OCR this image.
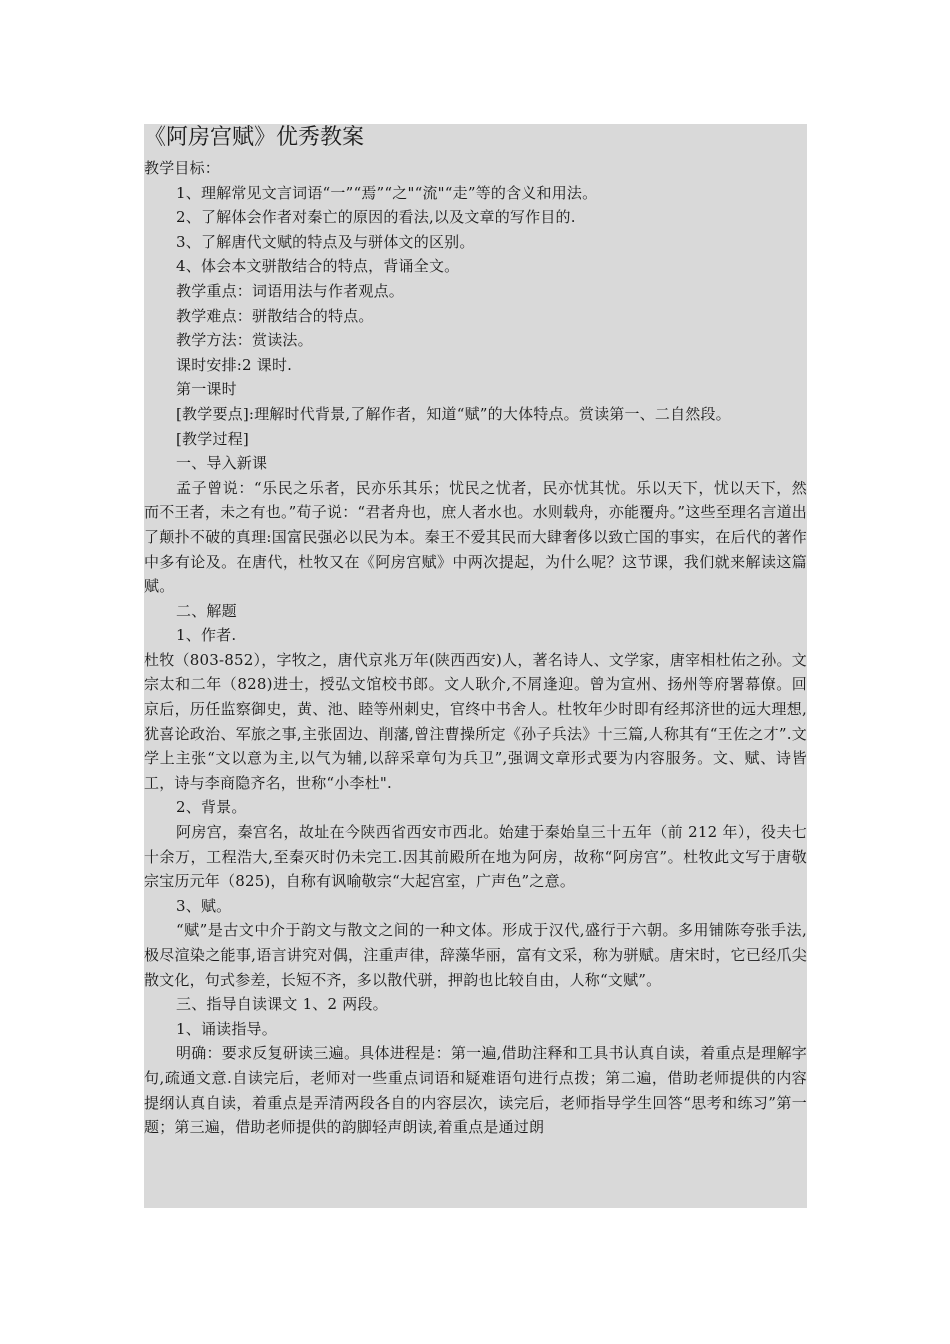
《阿房宫赋》优秀教案

教学目标：

1、理解常见文言词语“一”“焉”“之"“流"“走”等的含义和用法。

2、了解体会作者对秦亡的原因的看法,以及文章的写作目的.

3、了解唐代文赋的特点及与骈体文的区别。

4、体会本文骈散结合的特点，背诵全文。

教学重点：词语用法与作者观点。

教学难点：骈散结合的特点。

教学方法：赏读法。

课时安排:2 课时.

第一课时

[教学要点]:理解时代背景,了解作者，知道“赋”的大体特点。赏读第一、二自然段。

[教学过程]

一、导入新课

孟子曾说：“乐民之乐者，民亦乐其乐；忧民之忧者，民亦忧其忧。乐以天下，忧以天下，然而不王者，未之有也。”荀子说：“君者舟也，庶人者水也。水则载舟，亦能覆舟。”这些至理名言道出了颠扑不破的真理:国富民强必以民为本。秦王不爱其民而大肆奢侈以致亡国的事实，在后代的著作中多有论及。在唐代，杜牧又在《阿房宫赋》中两次提起，为什么呢？这节课，我们就来解读这篇赋。

二、解题

1、作者.

杜牧（803-852），字牧之，唐代京兆万年(陕西西安)人，著名诗人、文学家，唐宰相杜佑之孙。文宗太和二年（828)进士，授弘文馆校书郎。文人耿介,不屑逢迎。曾为宣州、扬州等府署幕僚。回京后，历任监察御史，黄、池、睦等州刺史，官终中书舍人。杜牧年少时即有经邦济世的远大理想,犹喜论政治、军旅之事,主张固边、削藩,曾注曹操所定《孙子兵法》十三篇,人称其有“王佐之才”.文学上主张“文以意为主,以气为辅,以辞采章句为兵卫”,强调文章形式要为内容服务。文、赋、诗皆工，诗与李商隐齐名，世称“小李杜".

2、背景。

阿房宫，秦宫名，故址在今陕西省西安市西北。始建于秦始皇三十五年（前 212 年），役夫七十余万，工程浩大,至秦灭时仍未完工.因其前殿所在地为阿房，故称“阿房宫”。杜牧此文写于唐敬宗宝历元年（825)，自称有讽喻敬宗“大起宫室，广声色”之意。

3、赋。

“赋”是古文中介于韵文与散文之间的一种文体。形成于汉代,盛行于六朝。多用铺陈夸张手法,极尽渲染之能事,语言讲究对偶，注重声律，辞藻华丽，富有文采，称为骈赋。唐宋时，它已经爪尖散文化，句式参差，长短不齐，多以散代骈，押韵也比较自由，人称“文赋”。

三、指导自读课文 1、2 两段。

1、诵读指导。

明确：要求反复研读三遍。具体进程是：第一遍,借助注释和工具书认真自读，着重点是理解字句,疏通文意.自读完后，老师对一些重点词语和疑难语句进行点拨；第二遍，借助老师提供的内容提纲认真自读，着重点是弄清两段各自的内容层次，读完后，老师指导学生回答“思考和练习”第一题；第三遍，借助老师提供的韵脚轻声朗读,着重点是通过朗
